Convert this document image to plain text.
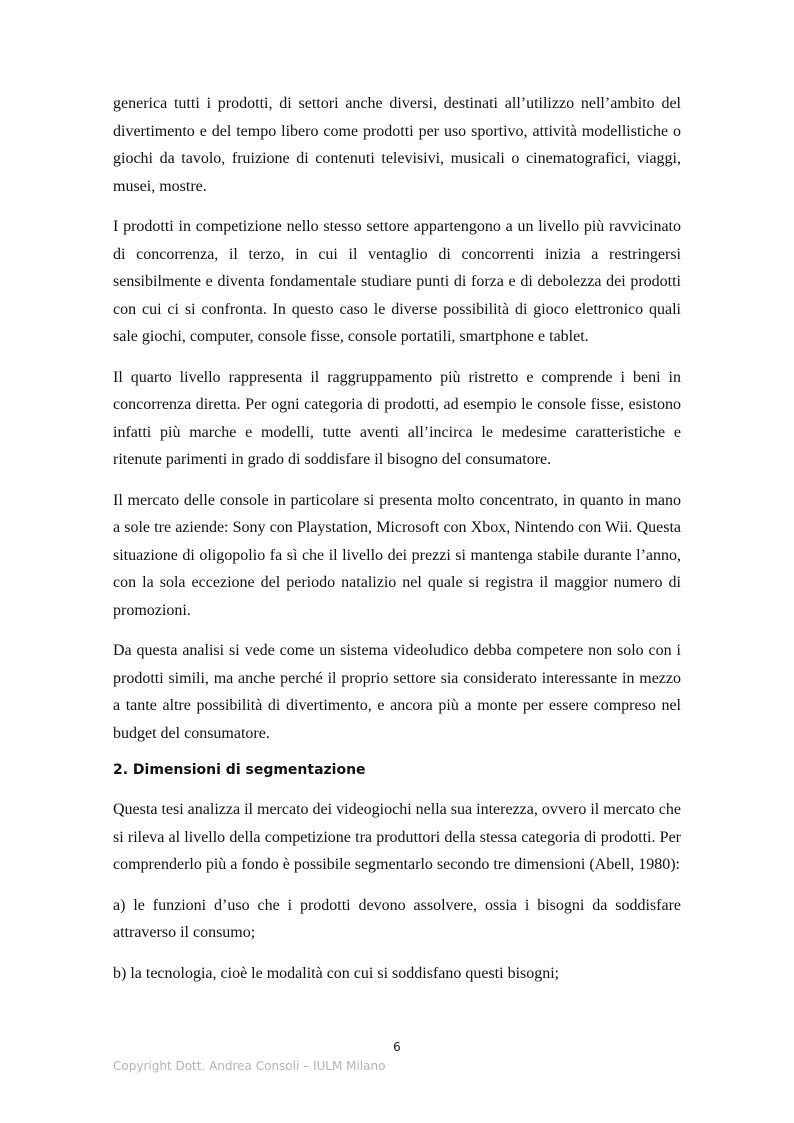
generica tutti i prodotti, di settori anche diversi, destinati all’utilizzo nell’ambito del divertimento e del tempo libero come prodotti per uso sportivo, attività modellistiche o giochi da tavolo, fruizione di contenuti televisivi, musicali o cinematografici, viaggi, musei, mostre.

I prodotti in competizione nello stesso settore appartengono a un livello più ravvicinato di concorrenza, il terzo, in cui il ventaglio di concorrenti inizia a restringersi sensibilmente e diventa fondamentale studiare punti di forza e di debolezza dei prodotti con cui ci si confronta. In questo caso le diverse possibilità di gioco elettronico quali sale giochi, computer, console fisse, console portatili, smartphone e tablet.

Il quarto livello rappresenta il raggruppamento più ristretto e comprende i beni in concorrenza diretta. Per ogni categoria di prodotti, ad esempio le console fisse, esistono infatti più marche e modelli, tutte aventi all’incirca le medesime caratteristiche e ritenute parimenti in grado di soddisfare il bisogno del consumatore.

Il mercato delle console in particolare si presenta molto concentrato, in quanto in mano a sole tre aziende: Sony con Playstation, Microsoft con Xbox, Nintendo con Wii. Questa situazione di oligopolio fa sì che il livello dei prezzi si mantenga stabile durante l’anno, con la sola eccezione del periodo natalizio nel quale si registra il maggior numero di promozioni.

Da questa analisi si vede come un sistema videoludico debba competere non solo con i prodotti simili, ma anche perché il proprio settore sia considerato interessante in mezzo a tante altre possibilità di divertimento, e ancora più a monte per essere compreso nel budget del consumatore.

2. Dimensioni di segmentazione

Questa tesi analizza il mercato dei videogiochi nella sua interezza, ovvero il mercato che si rileva al livello della competizione tra produttori della stessa categoria di prodotti. Per comprenderlo più a fondo è possibile segmentarlo secondo tre dimensioni (Abell, 1980):

a) le funzioni d’uso che i prodotti devono assolvere, ossia i bisogni da soddisfare attraverso il consumo;

b) la tecnologia, cioè le modalità con cui si soddisfano questi bisogni;

6
Copyright Dott. Andrea Consoli – IULM Milano
